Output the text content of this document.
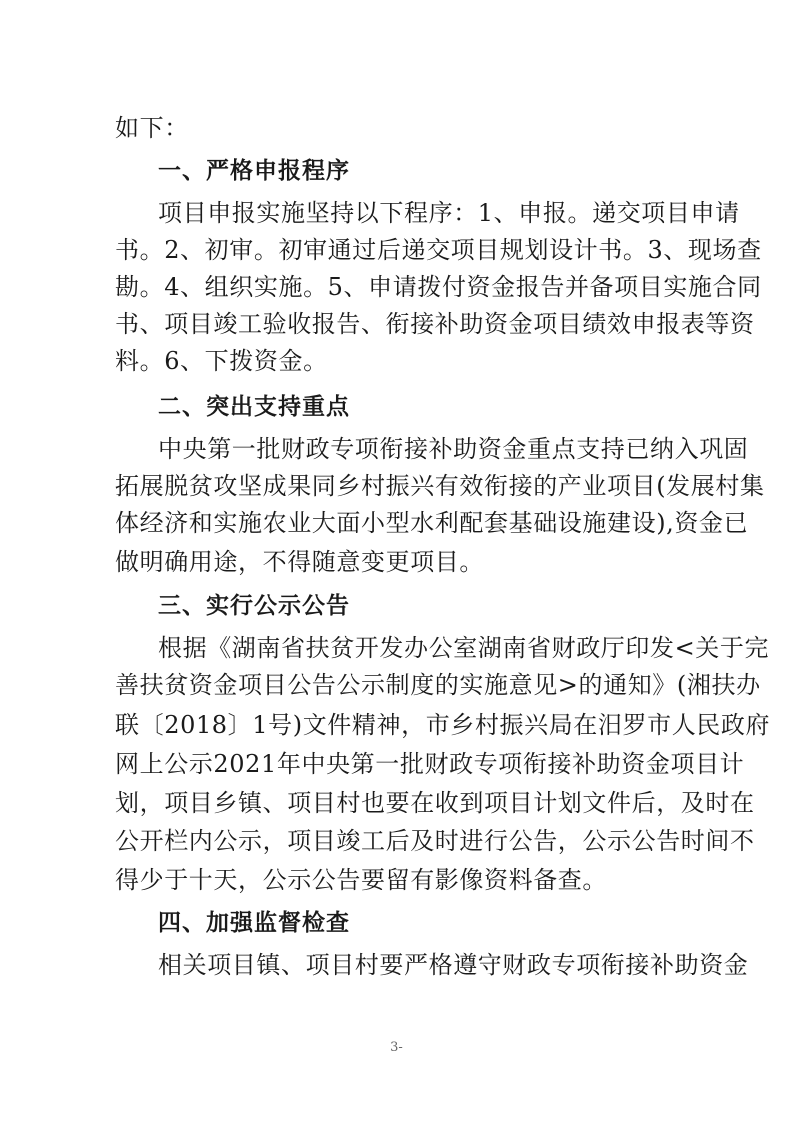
如下：
一、严格申报程序
项目申报实施坚持以下程序：1、申报。递交项目申请
书。2、初审。初审通过后递交项目规划设计书。3、现场查
勘。4、组织实施。5、申请拨付资金报告并备项目实施合同
书、项目竣工验收报告、衔接补助资金项目绩效申报表等资
料。6、下拨资金。
二、突出支持重点
中央第一批财政专项衔接补助资金重点支持已纳入巩固
拓展脱贫攻坚成果同乡村振兴有效衔接的产业项目(发展村集
体经济和实施农业大面小型水利配套基础设施建设),资金已
做明确用途，不得随意变更项目。
三、实行公示公告
根据《湖南省扶贫开发办公室湖南省财政厅印发<关于完
善扶贫资金项目公告公示制度的实施意见>的通知》(湘扶办
联〔2018〕1号)文件精神，市乡村振兴局在汨罗市人民政府
网上公示2021年中央第一批财政专项衔接补助资金项目计
划，项目乡镇、项目村也要在收到项目计划文件后，及时在
公开栏内公示，项目竣工后及时进行公告，公示公告时间不
得少于十天，公示公告要留有影像资料备查。
四、加强监督检查
相关项目镇、项目村要严格遵守财政专项衔接补助资金
3-
